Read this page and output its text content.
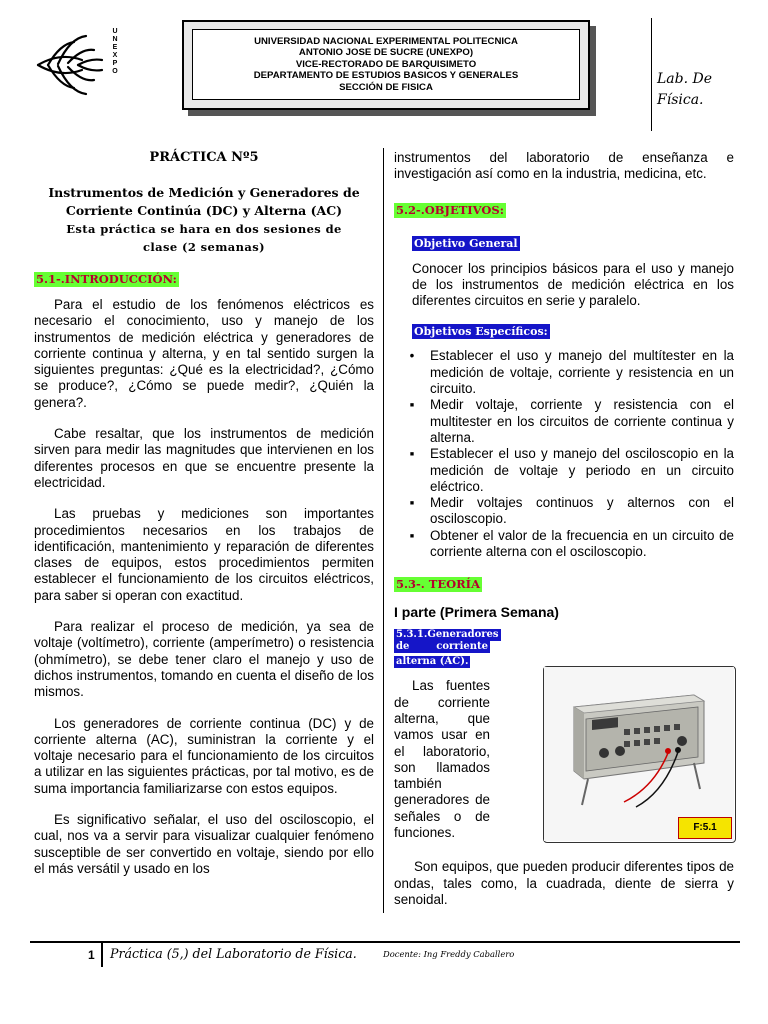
U
N
E
X
P
O
UNIVERSIDAD NACIONAL EXPERIMENTAL POLITECNICA
ANTONIO JOSE DE SUCRE (UNEXPO)
VICE-RECTORADO DE BARQUISIMETO
DEPARTAMENTO DE ESTUDIOS BASICOS Y GENERALES
SECCIÓN DE FISICA
Lab. De
Física.
PRÁCTICA Nº5
Instrumentos de Medición y Generadores de
Corriente Continúa (DC) y Alterna (AC)
Esta práctica se hara en dos sesiones de
clase (2 semanas)
5.1-.INTRODUCCIÓN:

Para el estudio de los fenómenos eléctricos es necesario el conocimiento, uso y manejo de los instrumentos de medición eléctrica y generadores de corriente continua y alterna, y en tal sentido surgen la siguientes preguntas: ¿Qué es la electricidad?, ¿Cómo se produce?, ¿Cómo se puede medir?, ¿Quién la genera?.

Cabe resaltar, que los instrumentos de medición sirven para medir las magnitudes que intervienen en los diferentes procesos en que se encuentre presente la electricidad.

Las pruebas y mediciones son importantes procedimientos necesarios en los trabajos de identificación, mantenimiento y reparación de diferentes clases de equipos, estos procedimientos permiten establecer el funcionamiento de los circuitos eléctricos, para saber si operan con exactitud.

Para realizar el proceso de medición, ya sea de voltaje (voltímetro), corriente (amperímetro) o resistencia (ohmímetro), se debe tener claro el manejo y uso de dichos instrumentos, tomando en cuenta el diseño de los mismos.

Los generadores de corriente continua (DC) y de corriente alterna (AC), suministran la corriente y el voltaje necesario para el funcionamiento de los circuitos a utilizar en las siguientes prácticas, por tal motivo, es de suma importancia familiarizarse con estos equipos.

Es significativo señalar, el uso del osciloscopio, el cual, nos va a servir para visualizar cualquier fenómeno susceptible de ser convertido en voltaje, siendo por ello el más versátil y usado en los

instrumentos del laboratorio de enseñanza e investigación así como en la industria, medicina, etc.

5.2-.OBJETIVOS:
Objetivo General

Conocer los principios básicos para el uso y manejo de los instrumentos de medición eléctrica en los diferentes circuitos en serie y paralelo.

Objetivos Específicos:
• Establecer el uso y manejo del multítester en la medición de voltaje, corriente y resistencia en un circuito.
▪ Medir voltaje, corriente y resistencia con el multitester en los circuitos de corriente continua y alterna.
▪ Establecer el uso y manejo del osciloscopio en la medición de voltaje y periodo en un circuito eléctrico.
▪ Medir voltajes continuos y alternos con el osciloscopio.
▪ Obtener el valor de la frecuencia en un circuito de corriente alterna con el osciloscopio.
5.3-. TEORÍA
I parte (Primera Semana)
5.3.1.Generadores
de	corriente
alterna (AC).

Las fuentes de corriente alterna, que vamos usar en el laboratorio, son llamados también generadores de señales o de funciones.

Son equipos, que pueden producir diferentes tipos de ondas, tales como, la cuadrada, diente de sierra y senoidal.

F:5.1
1 Práctica (5,) del Laboratorio de Física.	Docente: Ing Freddy Caballero
